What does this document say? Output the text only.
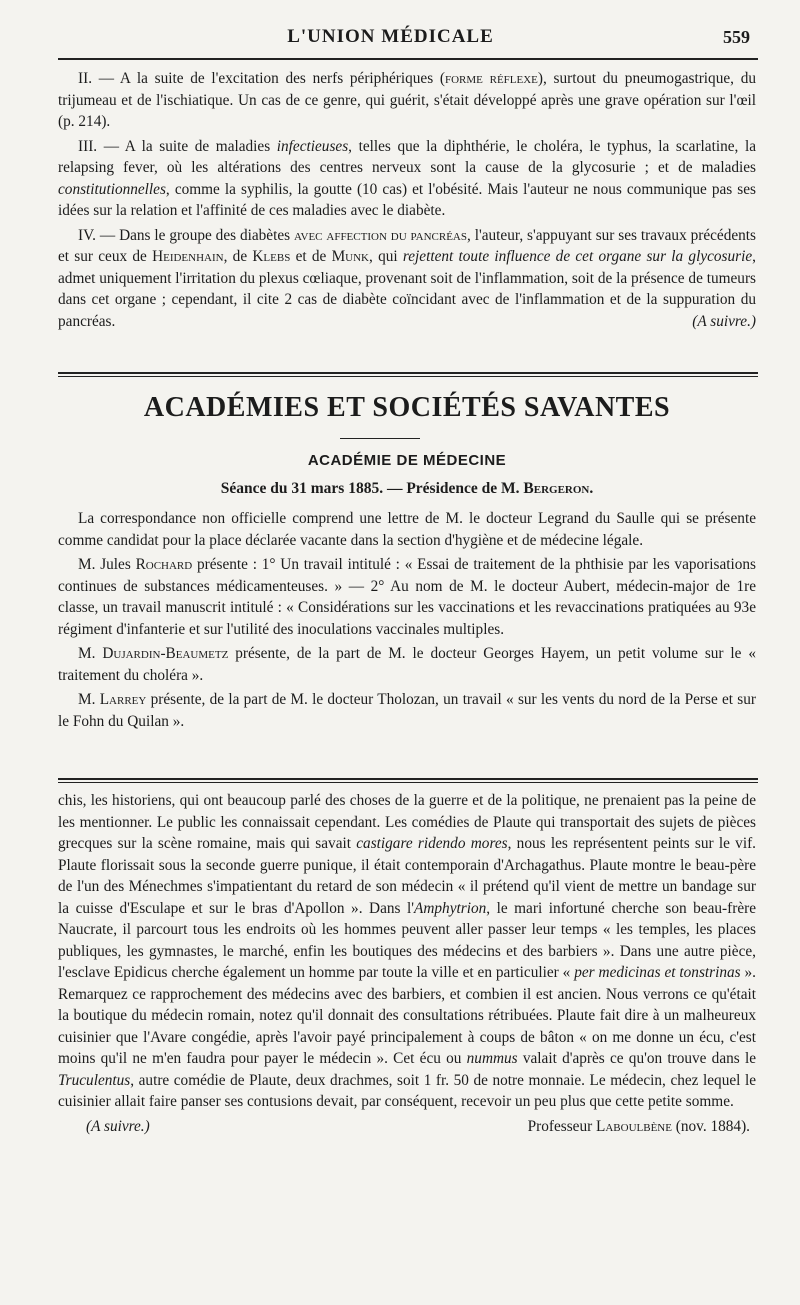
L'UNION MÉDICALE	559

II. — A la suite de l'excitation des nerfs périphériques (forme réflexe), surtout du pneumogastrique, du trijumeau et de l'ischiatique. Un cas de ce genre, qui guérit, s'était développé après une grave opération sur l'œil (p. 214).

III. — A la suite de maladies infectieuses, telles que la diphthérie, le choléra, le typhus, la scarlatine, la relapsing fever, où les altérations des centres nerveux sont la cause de la glycosurie ; et de maladies constitutionnelles, comme la syphilis, la goutte (10 cas) et l'obésité. Mais l'auteur ne nous communique pas ses idées sur la relation et l'affinité de ces maladies avec le diabète.

IV. — Dans le groupe des diabètes avec affection du pancréas, l'auteur, s'appuyant sur ses travaux précédents et sur ceux de Heidenhain, de Klebs et de Munk, qui rejettent toute influence de cet organe sur la glycosurie, admet uniquement l'irritation du plexus cœliaque, provenant soit de l'inflammation, soit de la présence de tumeurs dans cet organe ; cependant, il cite 2 cas de diabète coïncidant avec de l'inflammation et de la suppuration du pancréas.	(A suivre.)

ACADÉMIES ET SOCIÉTÉS SAVANTES
ACADÉMIE DE MÉDECINE
Séance du 31 mars 1885. — Présidence de M. Bergeron.

La correspondance non officielle comprend une lettre de M. le docteur Legrand du Saulle qui se présente comme candidat pour la place déclarée vacante dans la section d'hygiène et de médecine légale.

M. Jules Rochard présente : 1° Un travail intitulé : « Essai de traitement de la phthisie par les vaporisations continues de substances médicamenteuses. » — 2° Au nom de M. le docteur Aubert, médecin-major de 1re classe, un travail manuscrit intitulé : « Considérations sur les vaccinations et les revaccinations pratiquées au 93e régiment d'infanterie et sur l'utilité des inoculations vaccinales multiples.

M. Dujardin-Beaumetz présente, de la part de M. le docteur Georges Hayem, un petit volume sur le « traitement du choléra ».

M. Larrey présente, de la part de M. le docteur Tholozan, un travail « sur les vents du nord de la Perse et sur le Fohn du Quilan ».

chis, les historiens, qui ont beaucoup parlé des choses de la guerre et de la politique, ne prenaient pas la peine de les mentionner. Le public les connaissait cependant. Les comédies de Plaute qui transportait des sujets de pièces grecques sur la scène romaine, mais qui savait castigare ridendo mores, nous les représentent peints sur le vif. Plaute florissait sous la seconde guerre punique, il était contemporain d'Archagathus. Plaute montre le beau-père de l'un des Ménechmes s'impatientant du retard de son médecin « il prétend qu'il vient de mettre un bandage sur la cuisse d'Esculape et sur le bras d'Apollon ». Dans l'Amphytrion, le mari infortuné cherche son beau-frère Naucrate, il parcourt tous les endroits où les hommes peuvent aller passer leur temps « les temples, les places publiques, les gymnastes, le marché, enfin les boutiques des médecins et des barbiers ». Dans une autre pièce, l'esclave Epidicus cherche également un homme par toute la ville et en particulier « per medicinas et tonstrinas ». Remarquez ce rapprochement des médecins avec des barbiers, et combien il est ancien. Nous verrons ce qu'était la boutique du médecin romain, notez qu'il donnait des consultations rétribuées. Plaute fait dire à un malheureux cuisinier que l'Avare congédie, après l'avoir payé principalement à coups de bâton « on me donne un écu, c'est moins qu'il ne m'en faudra pour payer le médecin ». Cet écu ou nummus valait d'après ce qu'on trouve dans le Truculentus, autre comédie de Plaute, deux drachmes, soit 1 fr. 50 de notre monnaie. Le médecin, chez lequel le cuisinier allait faire panser ses contusions devait, par conséquent, recevoir un peu plus que cette petite somme.

(A suivre.)	Professeur Laboulbène (nov. 1884).
